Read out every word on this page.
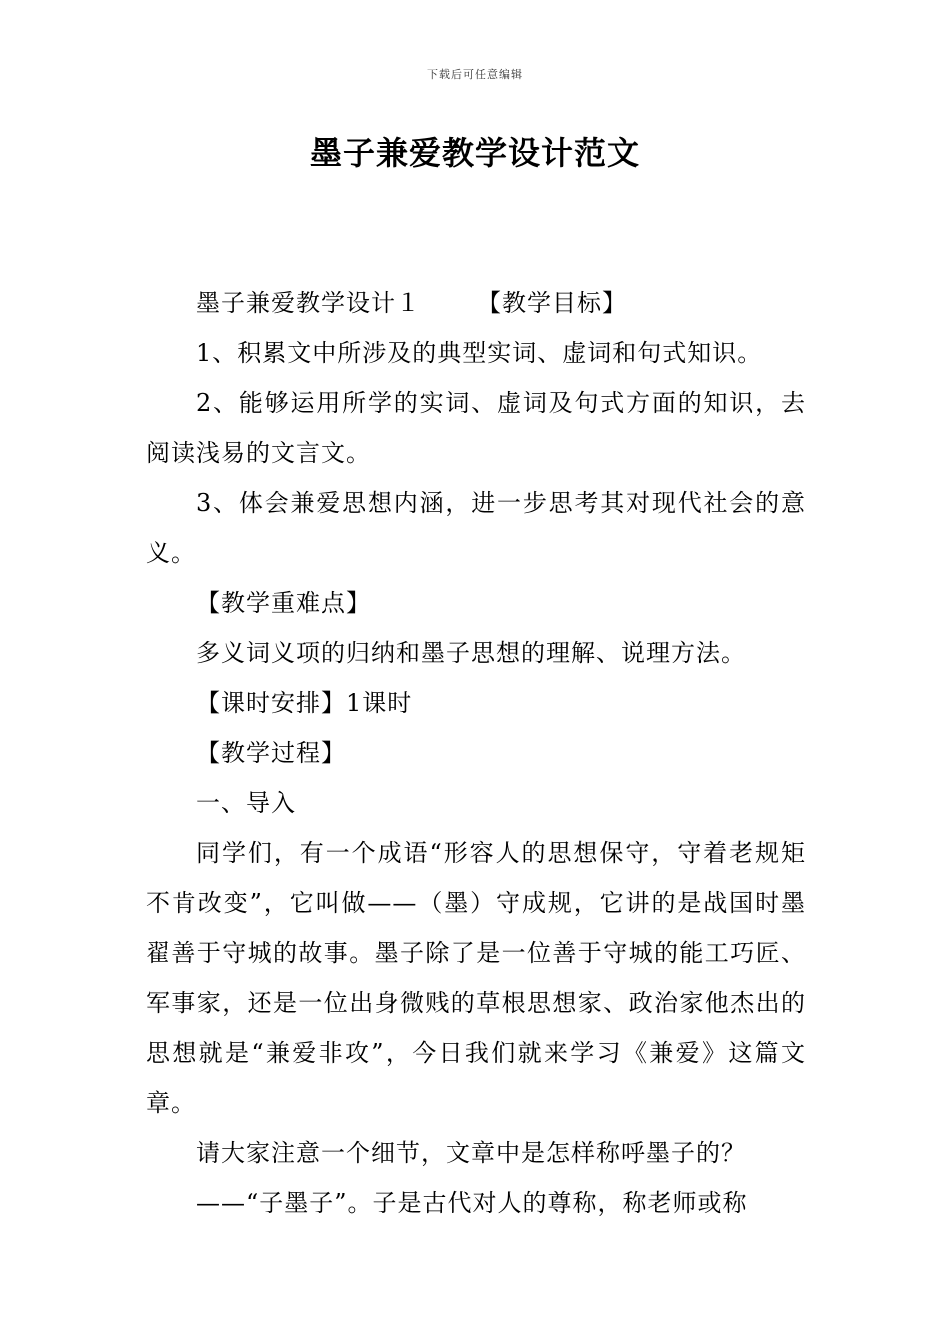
下载后可任意编辑
墨子兼爱教学设计范文

墨子兼爱教学设计１ 【教学目标】

1、积累文中所涉及的典型实词、虚词和句式知识。

2、能够运用所学的实词、虚词及句式方面的知识，去阅读浅易的文言文。

3、体会兼爱思想内涵，进一步思考其对现代社会的意义。

【教学重难点】

多义词义项的归纳和墨子思想的理解、说理方法。

【课时安排】1课时

【教学过程】

一、导入

同学们，有一个成语“形容人的思想保守，守着老规矩不肯改变”，它叫做——（墨）守成规，它讲的是战国时墨翟善于守城的故事。墨子除了是一位善于守城的能工巧匠、军事家，还是一位出身微贱的草根思想家、政治家他杰出的思想就是“兼爱非攻”，今日我们就来学习《兼爱》这篇文章。

请大家注意一个细节，文章中是怎样称呼墨子的？

——“子墨子”。子是古代对人的尊称，称老师或称
